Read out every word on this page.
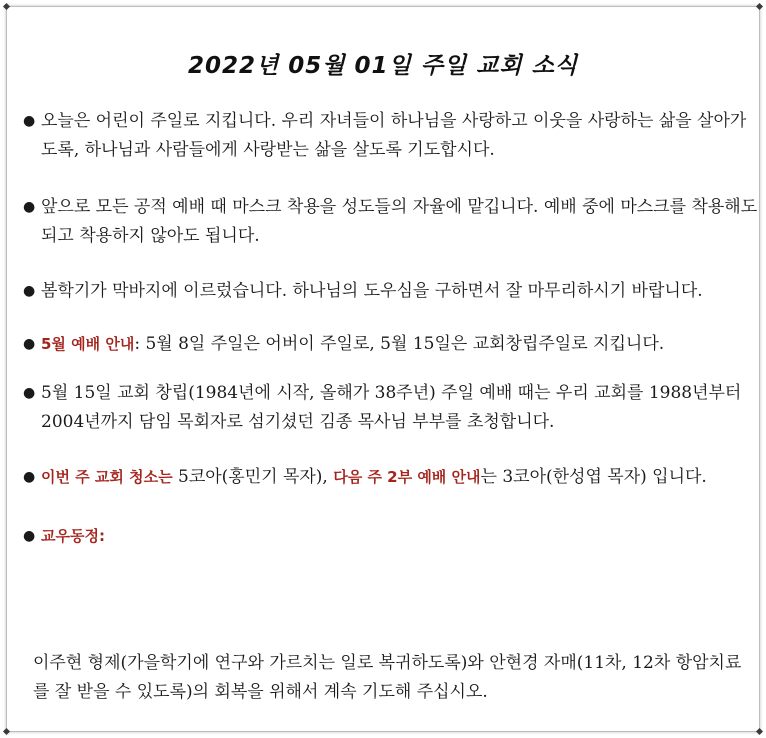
2022년 05월 01일 주일 교회 소식
● 오늘은 어린이 주일로 지킵니다. 우리 자녀들이 하나님을 사랑하고 이웃을 사랑하는 삶을 살아가도록, 하나님과 사람들에게 사랑받는 삶을 살도록 기도합시다.
● 앞으로 모든 공적 예배 때 마스크 착용을 성도들의 자율에 맡깁니다. 예배 중에 마스크를 착용해도 되고 착용하지 않아도 됩니다.
● 봄학기가 막바지에 이르렀습니다. 하나님의 도우심을 구하면서 잘 마무리하시기 바랍니다.
● 5월 예배 안내: 5월 8일 주일은 어버이 주일로, 5월 15일은 교회창립주일로 지킵니다.
● 5월 15일 교회 창립(1984년에 시작, 올해가 38주년) 주일 예배 때는 우리 교회를 1988년부터 2004년까지 담임 목회자로 섬기셨던 김종 목사님 부부를 초청합니다.
● 이번 주 교회 청소는 5코아(홍민기 목자), 다음 주 2부 예배 안내는 3코아(한성엽 목자) 입니다.
● 교우동정:
이주현 형제(가을학기에 연구와 가르치는 일로 복귀하도록)와 안현경 자매(11차, 12차 항암치료를 잘 받을 수 있도록)의 회복을 위해서 계속 기도해 주십시오.
